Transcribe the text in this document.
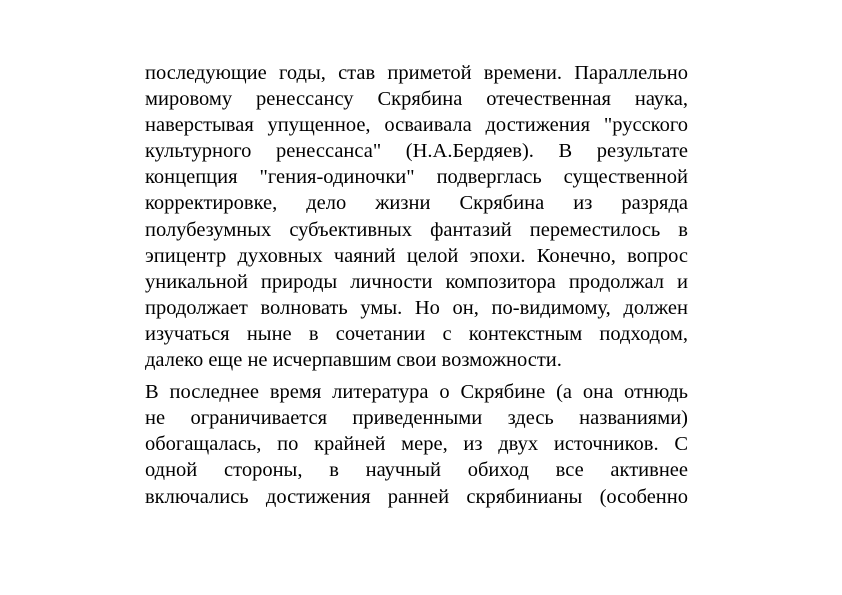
последующие годы, став приметой времени. Параллельно
мировому ренессансу Скрябина отечественная наука,
наверстывая упущенное, осваивала достижения "русского
культурного ренессанса" (Н.А.Бердяев). В результате
концепция "гения-одиночки" подверглась существенной
корректировке, дело жизни Скрябина из разряда
полубезумных субъективных фантазий переместилось в
эпицентр духовных чаяний целой эпохи. Конечно, вопрос
уникальной природы личности композитора продолжал и
продолжает волновать умы. Но он, по-видимому, должен
изучаться ныне в сочетании с контекстным подходом,
далеко еще не исчерпавшим свои возможности.
В последнее время литература о Скрябине (а она отнюдь
не ограничивается приведенными здесь названиями)
обогащалась, по крайней мере, из двух источников. С
одной стороны, в научный обиход все активнее
включались достижения ранней скрябинианы (особенно
